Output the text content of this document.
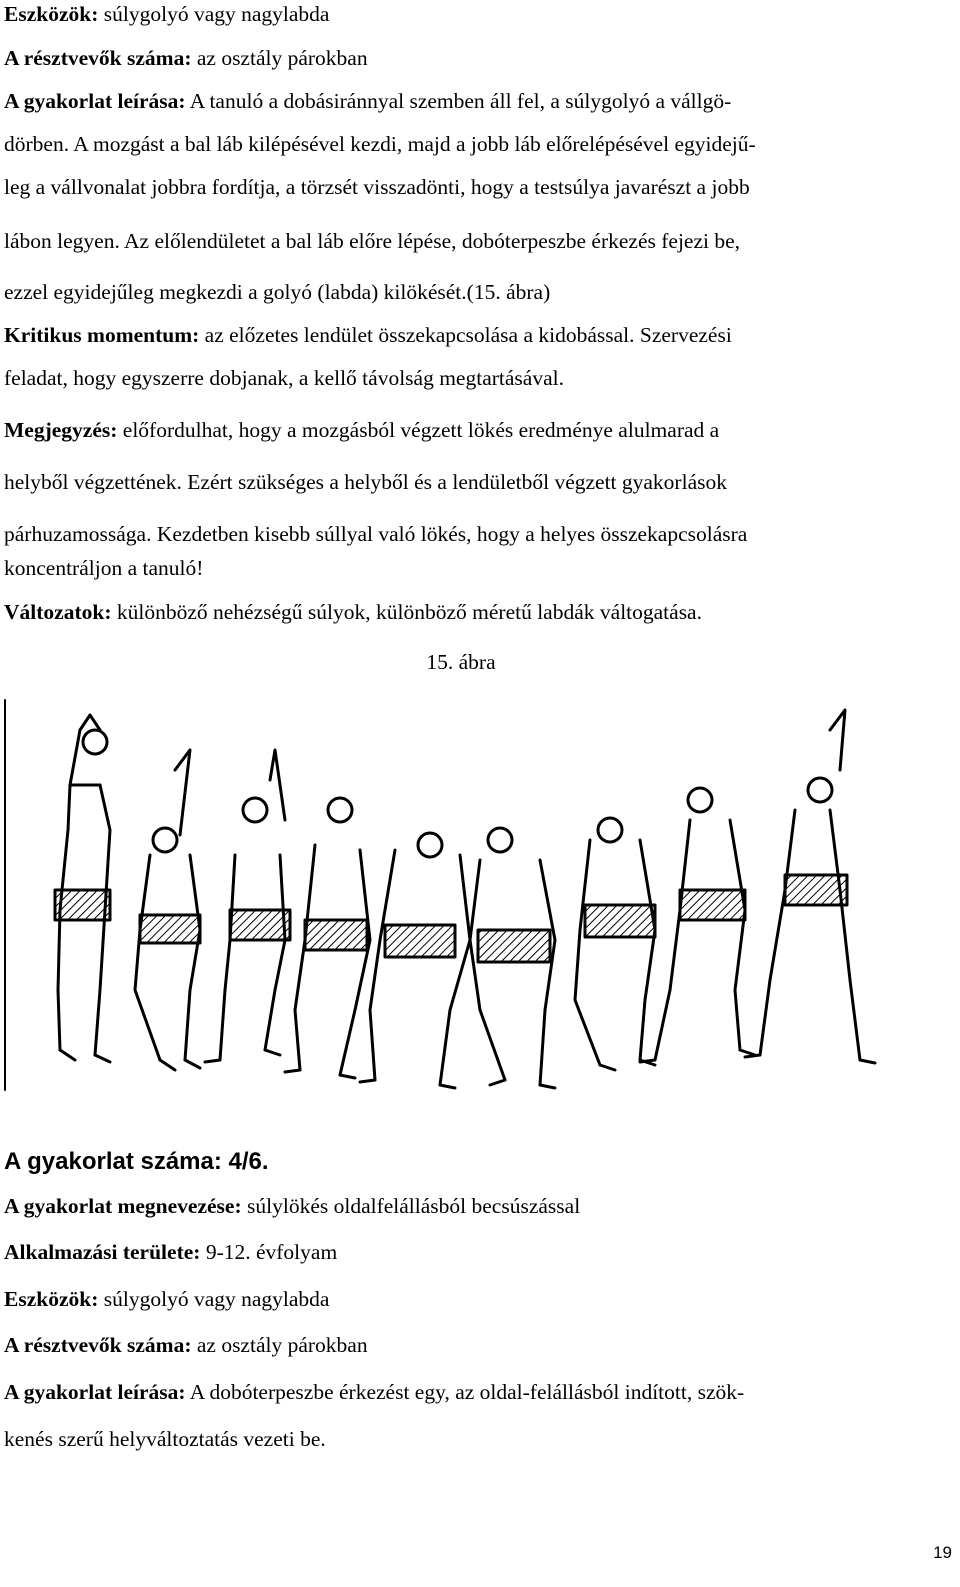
Eszközök: súlygolyó vagy nagylabda
A résztvevők száma: az osztály párokban
A gyakorlat leírása: A tanuló a dobásiránnyal szemben áll fel, a súlygolyó a vállgö-
dörben. A mozgást a bal láb kilépésével kezdi, majd a jobb láb előrelépésével egyidejű-
leg a vállvonalat jobbra fordítja, a törzsét visszadönti, hogy a testsúlya javarészt a jobb
lábon legyen. Az előlendületet a bal láb előre lépése, dobóterpeszbe érkezés fejezi be,
ezzel egyidejűleg megkezdi a golyó (labda) kilökését.(15. ábra)
Kritikus momentum: az előzetes lendület összekapcsolása a kidobással. Szervezési
feladat, hogy egyszerre dobjanak, a kellő távolság megtartásával.
Megjegyzés: előfordulhat, hogy a mozgásból végzett lökés eredménye alulmarad a
helyből végzettének. Ezért szükséges a helyből és a lendületből végzett gyakorlások
párhuzamossága. Kezdetben kisebb súllyal való lökés, hogy a helyes összekapcsolásra
koncentráljon a tanuló!
Változatok: különböző nehézségű súlyok, különböző méretű labdák váltogatása.
15. ábra
A gyakorlat száma: 4/6.
A gyakorlat megnevezése: súlylökés oldalfelállásból becsúszással
Alkalmazási területe: 9-12. évfolyam
Eszközök: súlygolyó vagy nagylabda
A résztvevők száma: az osztály párokban
A gyakorlat leírása: A dobóterpeszbe érkezést egy, az oldal-felállásból indított, szök-
kenés szerű helyváltoztatás vezeti be.
19
